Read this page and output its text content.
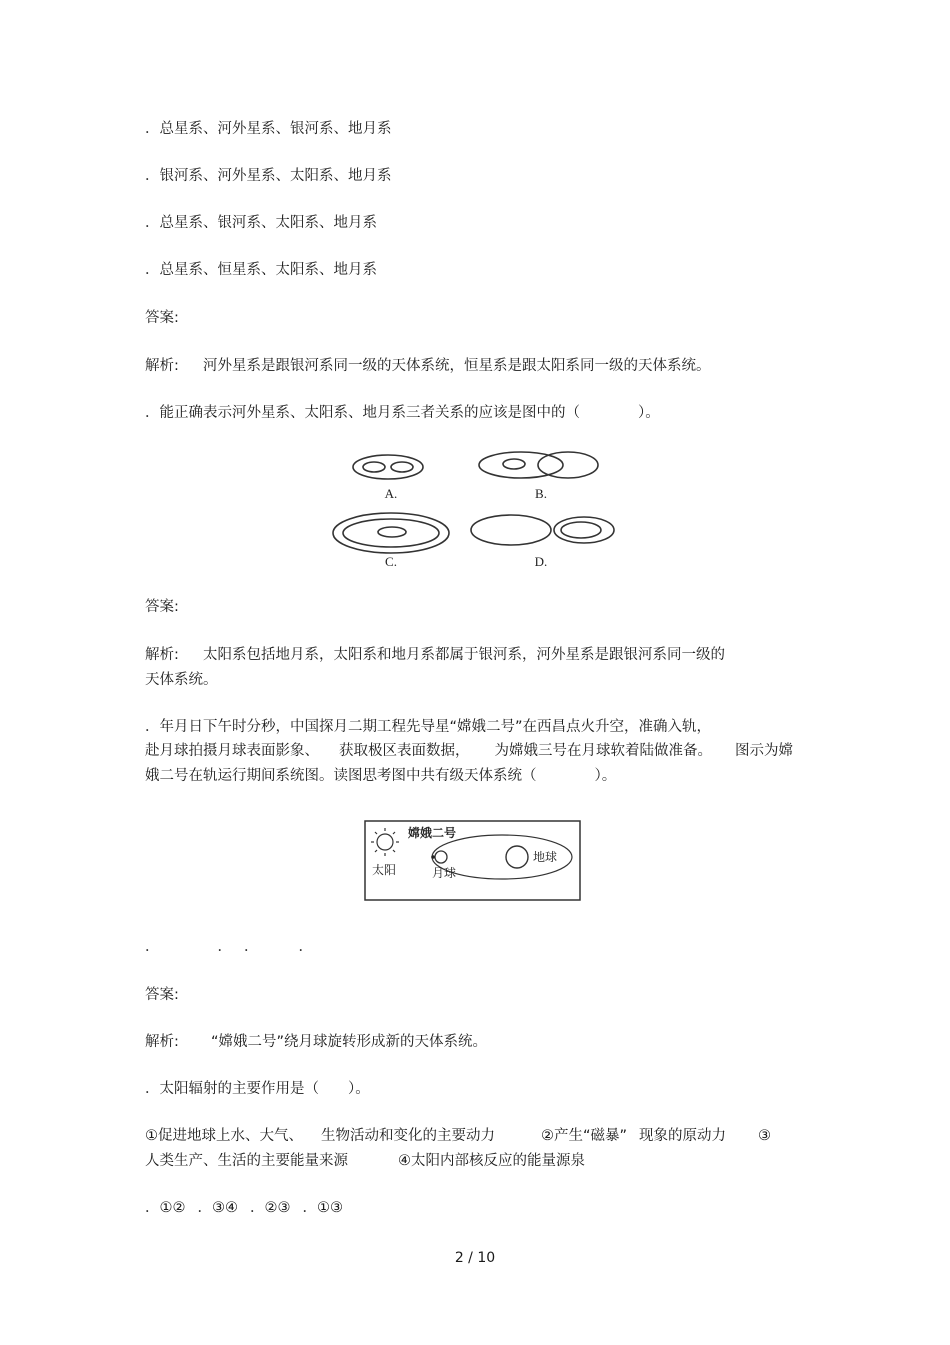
．总星系、河外星系、银河系、地月系
．银河系、河外星系、太阳系、地月系
．总星系、银河系、太阳系、地月系
．总星系、恒星系、太阳系、地月系
答案:
解析: 河外星系是跟银河系同一级的天体系统，恒星系是跟太阳系同一级的天体系统。
．能正确表示河外星系、太阳系、地月系三者关系的应该是图中的（　　　　）。
A.	B.
C.	D.
答案:
解析: 太阳系包括地月系，太阳系和地月系都属于银河系，河外星系是跟银河系同一级的
天体系统。
．年月日下午时分秒，中国探月二期工程先导星“嫦娥二号”在西昌点火升空，准确入轨，
赴月球拍摄月球表面影象、 获取极区表面数据， 为嫦娥三号在月球软着陆做准备。 图示为嫦
娥二号在轨运行期间系统图。读图思考图中共有级天体系统（　　　　）。
嫦娥二号
太阳	月球
地球
．	． ．	．
答案:
解析: “嫦娥二号”绕月球旋转形成新的天体系统。
．太阳辐射的主要作用是（　　）。
①促进地球上水、大气、 生物活动和变化的主要动力	②产生“磁暴” 现象的原动力 ③
人类生产、生活的主要能量来源	④太阳内部核反应的能量源泉
．①② ．③④ ．②③ ．①③
2 / 10
